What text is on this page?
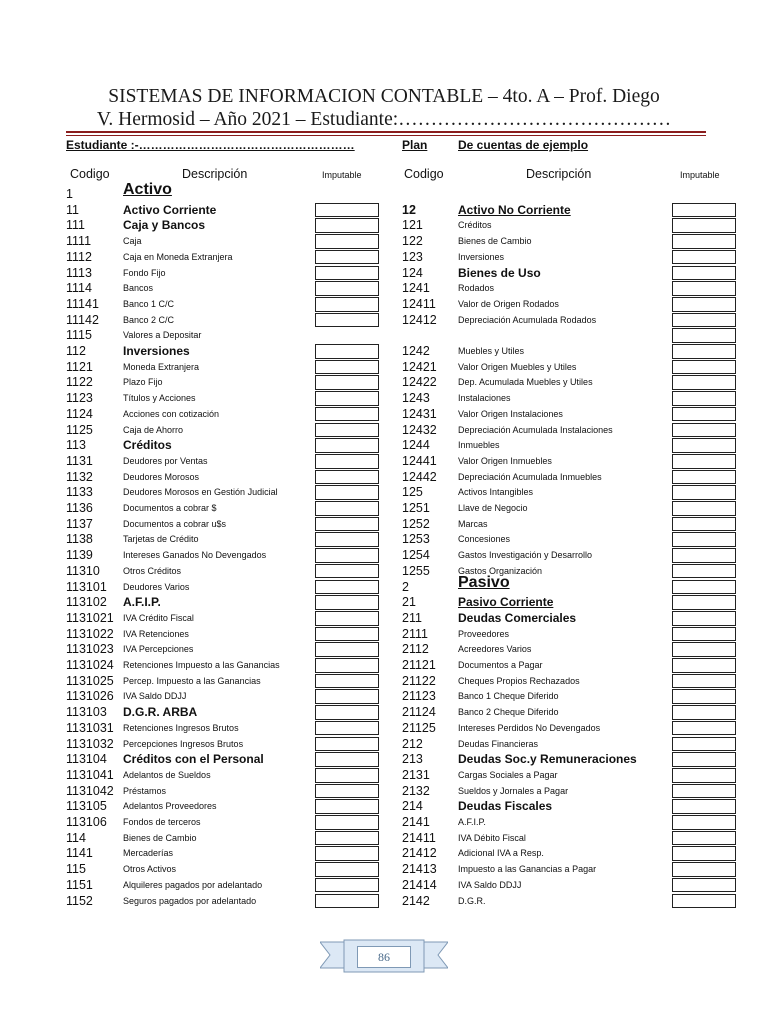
SISTEMAS DE INFORMACION CONTABLE – 4to. A – Prof. Diego
V. Hermosid – Año 2021 – Estudiante:……………………………………
Estudiante :-………………………………………………	Plan	De cuentas de ejemplo
Codigo	Descripción	Imputable	Codigo	Descripción	Imputable
1	Activo
11	Activo Corriente
111	Caja y Bancos
1111	Caja
1112	Caja en Moneda Extranjera
1113	Fondo Fijo
1114	Bancos
11141	Banco 1 C/C
11142	Banco 2 C/C
1115	Valores a Depositar
112	Inversiones
1121	Moneda Extranjera
1122	Plazo Fijo
1123	Títulos y Acciones
1124	Acciones con cotización
1125	Caja de Ahorro
113	Créditos
1131	Deudores por Ventas
1132	Deudores Morosos
1133	Deudores Morosos en Gestión Judicial
1136	Documentos a cobrar $
1137	Documentos a cobrar u$s
1138	Tarjetas de Crédito
1139	Intereses Ganados No Devengados
11310	Otros Créditos
113101 Deudores Varios
113102 A.F.I.P.
1131021 IVA Crédito Fiscal
1131022 IVA Retenciones
1131023 IVA Percepciones
1131024 Retenciones Impuesto a las Ganancias
1131025 Percep. Impuesto a las Ganancias
1131026 IVA Saldo DDJJ
113103 D.G.R. ARBA
1131031 Retenciones Ingresos Brutos
1131032 Percepciones Ingresos Brutos
113104 Créditos con el Personal
1131041 Adelantos de Sueldos
1131042 Préstamos
113105 Adelantos Proveedores
113106 Fondos de terceros
114	Bienes de Cambio
1141	Mercaderías
115	Otros Activos
1151	Alquileres pagados por adelantado
1152	Seguros pagados por adelantado
12	Activo No Corriente
121	Créditos
122	Bienes de Cambio
123	Inversiones
124	Bienes de Uso
1241	Rodados
12411 Valor de Origen Rodados
12412 Depreciación Acumulada Rodados
1242	Muebles y Utiles
12421 Valor Origen Muebles y Utiles
12422 Dep. Acumulada Muebles y Utiles
1243	Instalaciones
12431 Valor Origen Instalaciones
12432 Depreciación Acumulada Instalaciones
1244	Inmuebles
12441 Valor Origen Inmuebles
12442 Depreciación Acumulada Inmuebles
125	Activos Intangibles
1251	Llave de Negocio
1252	Marcas
1253	Concesiones
1254	Gastos Investigación y Desarrollo
1255	Gastos Organización
2	Pasivo
21	Pasivo Corriente
211	Deudas Comerciales
2111	Proveedores
2112	Acreedores Varios
21121 Documentos a Pagar
21122 Cheques Propios Rechazados
21123 Banco 1 Cheque Diferido
21124 Banco 2 Cheque Diferido
21125 Intereses Perdidos No Devengados
212	Deudas Financieras
213	Deudas Soc.y Remuneraciones
2131	Cargas Sociales a Pagar
2132	Sueldos y Jornales a Pagar
214	Deudas Fiscales
2141	A.F.I.P.
21411 IVA Débito Fiscal
21412 Adicional IVA a Resp.
21413 Impuesto a las Ganancias a Pagar
21414 IVA Saldo DDJJ
2142	D.G.R.
86
